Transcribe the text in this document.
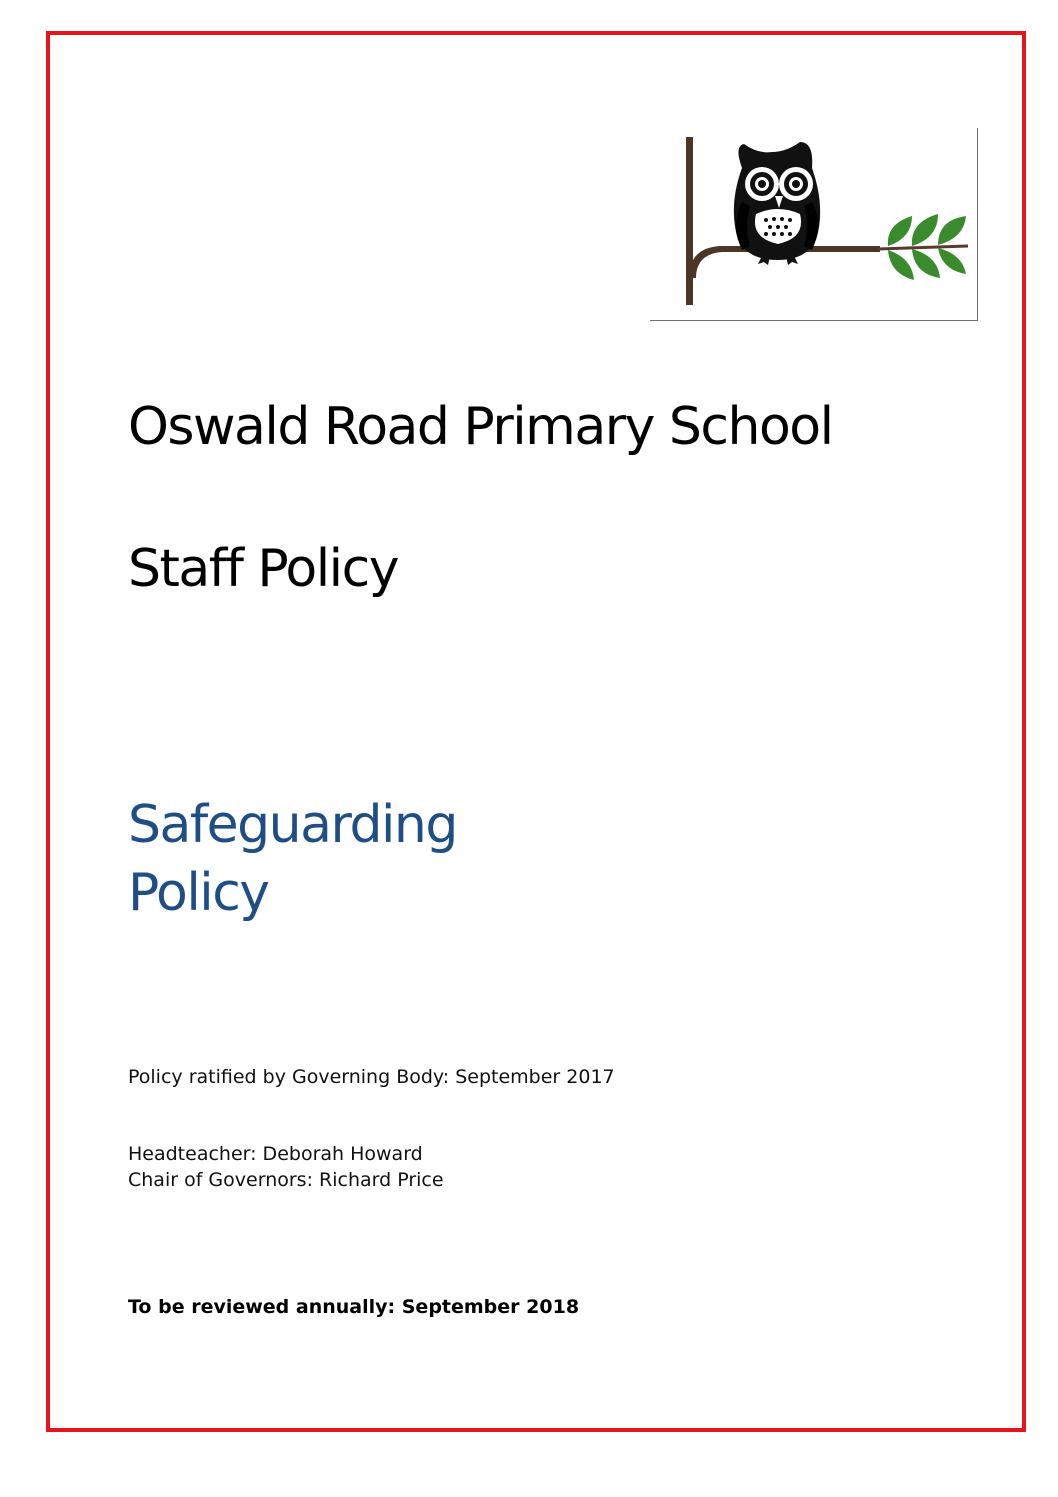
Oswald Road Primary School
Staff Policy
Safeguarding
Policy
Policy ratified by Governing Body: September 2017
Headteacher: Deborah Howard
Chair of Governors: Richard Price
To be reviewed annually: September 2018
